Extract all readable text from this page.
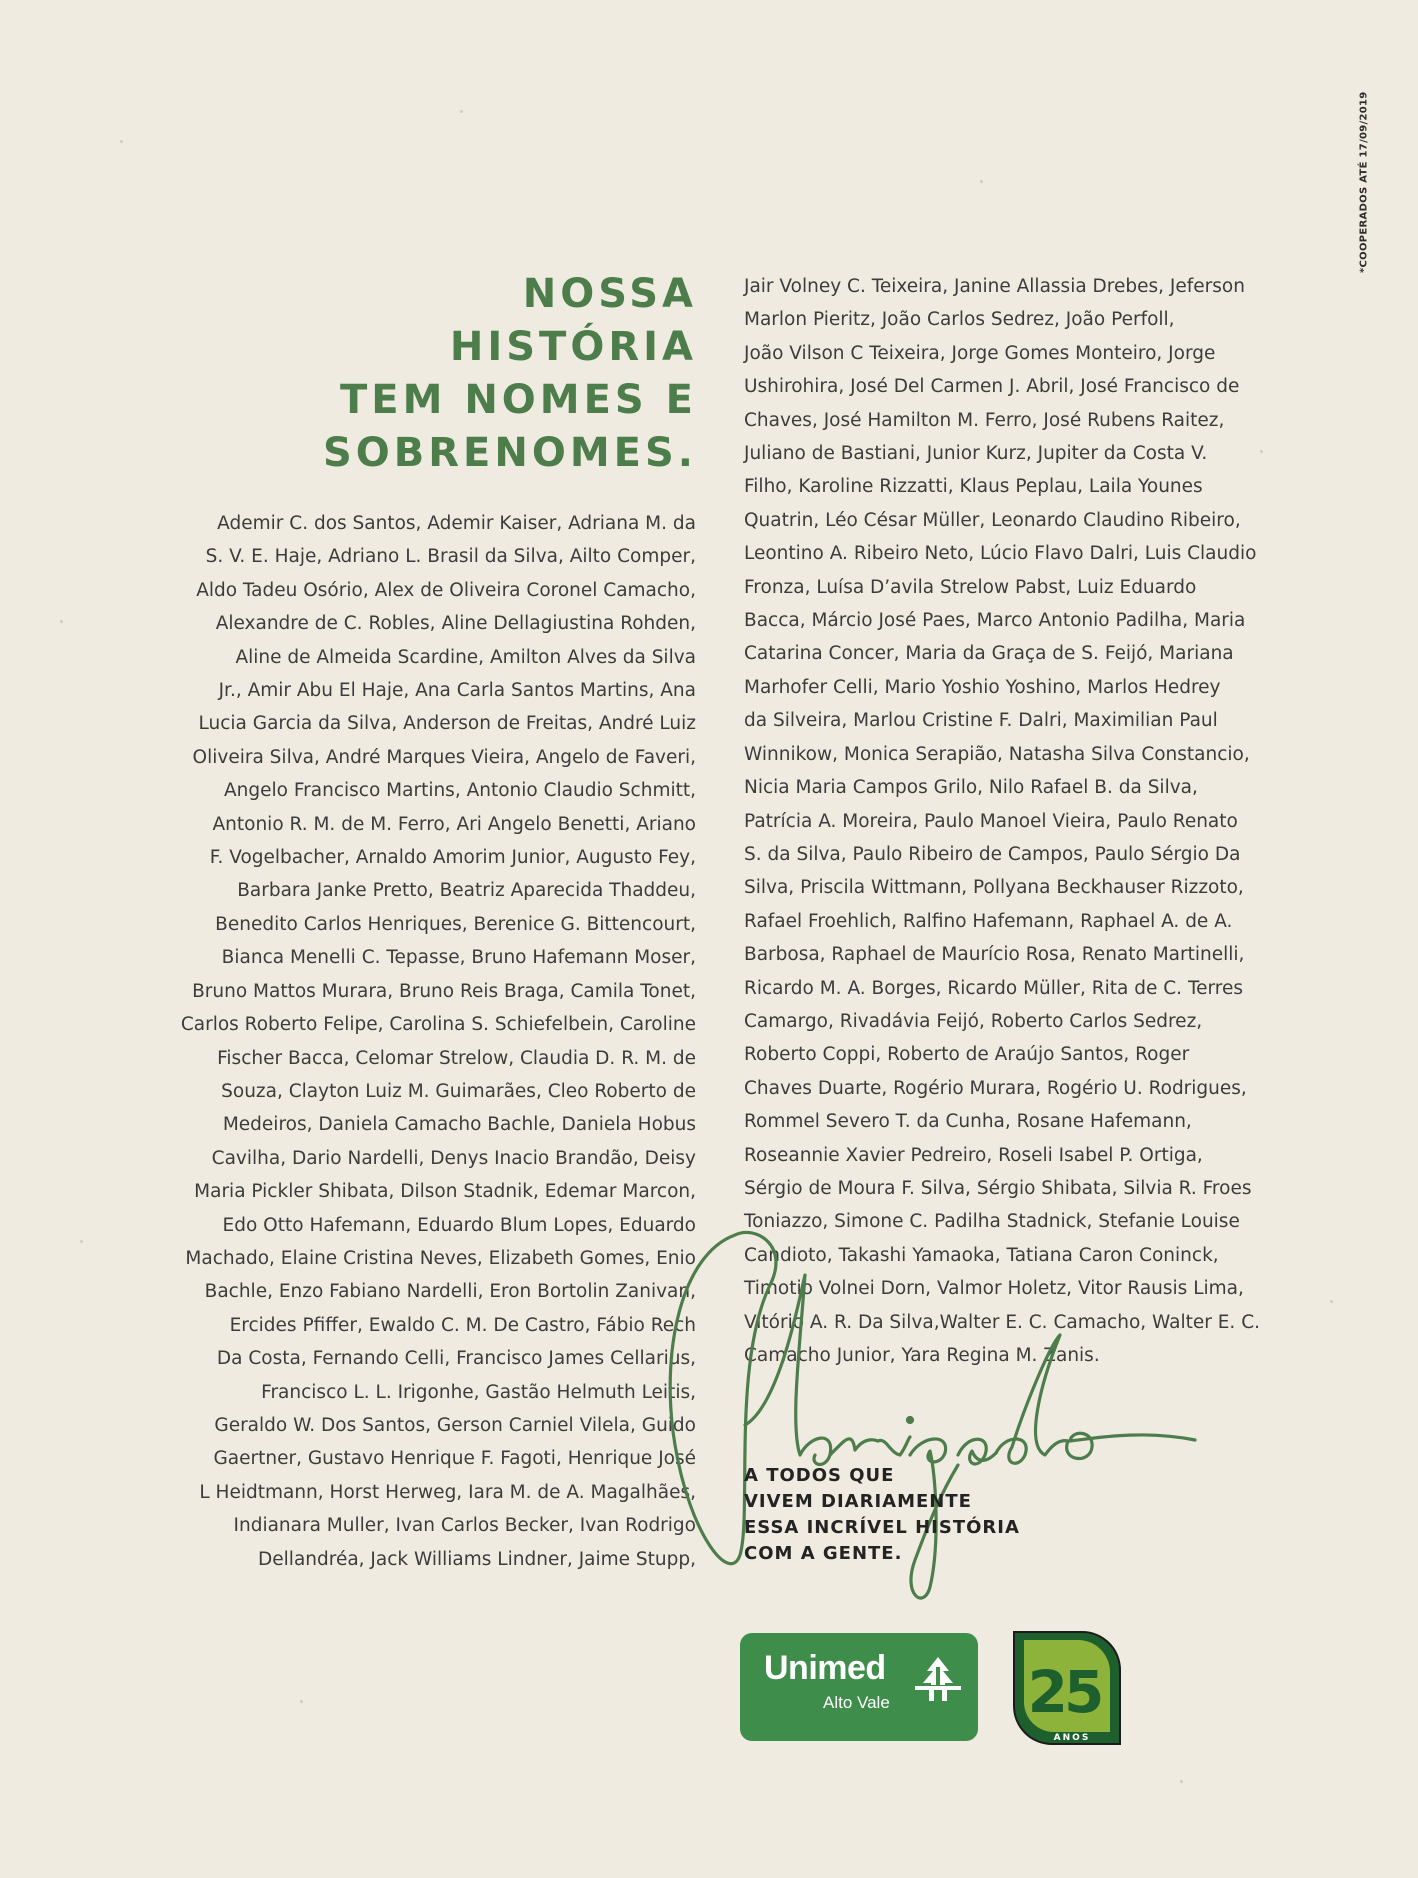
*COOPERADOS ATÉ 17/09/2019
NOSSA
HISTÓRIA
TEM NOMES E
SOBRENOMES.
Ademir C. dos Santos, Ademir Kaiser, Adriana M. da
S. V. E. Haje, Adriano L. Brasil da Silva, Ailto Comper,
Aldo Tadeu Osório, Alex de Oliveira Coronel Camacho,
Alexandre de C. Robles, Aline Dellagiustina Rohden,
Aline de Almeida Scardine, Amilton Alves da Silva
Jr., Amir Abu El Haje, Ana Carla Santos Martins, Ana
Lucia Garcia da Silva, Anderson de Freitas, André Luiz
Oliveira Silva, André Marques Vieira, Angelo de Faveri,
Angelo Francisco Martins, Antonio Claudio Schmitt,
Antonio R. M. de M. Ferro, Ari Angelo Benetti, Ariano
F. Vogelbacher, Arnaldo Amorim Junior, Augusto Fey,
Barbara Janke Pretto, Beatriz Aparecida Thaddeu,
Benedito Carlos Henriques, Berenice G. Bittencourt,
Bianca Menelli C. Tepasse, Bruno Hafemann Moser,
Bruno Mattos Murara, Bruno Reis Braga, Camila Tonet,
Carlos Roberto Felipe, Carolina S. Schiefelbein, Caroline
Fischer Bacca, Celomar Strelow, Claudia D. R. M. de
Souza, Clayton Luiz M. Guimarães, Cleo Roberto de
Medeiros, Daniela Camacho Bachle, Daniela Hobus
Cavilha, Dario Nardelli, Denys Inacio Brandão, Deisy
Maria Pickler Shibata, Dilson Stadnik, Edemar Marcon,
Edo Otto Hafemann, Eduardo Blum Lopes, Eduardo
Machado, Elaine Cristina Neves, Elizabeth Gomes, Enio
Bachle, Enzo Fabiano Nardelli, Eron Bortolin Zanivan,
Ercides Pfiffer, Ewaldo C. M. De Castro, Fábio Rech
Da Costa, Fernando Celli, Francisco James Cellarius,
Francisco L. L. Irigonhe, Gastão Helmuth Leitis,
Geraldo W. Dos Santos, Gerson Carniel Vilela, Guido
Gaertner, Gustavo Henrique F. Fagoti, Henrique José
L Heidtmann, Horst Herweg, Iara M. de A. Magalhães,
Indianara Muller, Ivan Carlos Becker, Ivan Rodrigo
Dellandréa, Jack Williams Lindner, Jaime Stupp,
Jair Volney C. Teixeira, Janine Allassia Drebes, Jeferson
Marlon Pieritz, João Carlos Sedrez, João Perfoll,
João Vilson C Teixeira, Jorge Gomes Monteiro, Jorge
Ushirohira, José Del Carmen J. Abril, José Francisco de
Chaves, José Hamilton M. Ferro, José Rubens Raitez,
Juliano de Bastiani, Junior Kurz, Jupiter da Costa V.
Filho, Karoline Rizzatti, Klaus Peplau, Laila Younes
Quatrin, Léo César Müller, Leonardo Claudino Ribeiro,
Leontino A. Ribeiro Neto, Lúcio Flavo Dalri, Luis Claudio
Fronza, Luísa D’avila Strelow Pabst, Luiz Eduardo
Bacca, Márcio José Paes, Marco Antonio Padilha, Maria
Catarina Concer, Maria da Graça de S. Feijó, Mariana
Marhofer Celli, Mario Yoshio Yoshino, Marlos Hedrey
da Silveira, Marlou Cristine F. Dalri, Maximilian Paul
Winnikow, Monica Serapião, Natasha Silva Constancio,
Nicia Maria Campos Grilo, Nilo Rafael B. da Silva,
Patrícia A. Moreira, Paulo Manoel Vieira, Paulo Renato
S. da Silva, Paulo Ribeiro de Campos, Paulo Sérgio Da
Silva, Priscila Wittmann, Pollyana Beckhauser Rizzoto,
Rafael Froehlich, Ralfino Hafemann, Raphael A. de A.
Barbosa, Raphael de Maurício Rosa, Renato Martinelli,
Ricardo M. A. Borges, Ricardo Müller, Rita de C. Terres
Camargo, Rivadávia Feijó, Roberto Carlos Sedrez,
Roberto Coppi, Roberto de Araújo Santos, Roger
Chaves Duarte, Rogério Murara, Rogério U. Rodrigues,
Rommel Severo T. da Cunha, Rosane Hafemann,
Roseannie Xavier Pedreiro, Roseli Isabel P. Ortiga,
Sérgio de Moura F. Silva, Sérgio Shibata, Silvia R. Froes
Toniazzo, Simone C. Padilha Stadnick, Stefanie Louise
Candioto, Takashi Yamaoka, Tatiana Caron Coninck,
Timotio Volnei Dorn, Valmor Holetz, Vitor Rausis Lima,
Vitório A. R. Da Silva,Walter E. C. Camacho, Walter E. C.
Camacho Junior, Yara Regina M. Zanis.
A TODOS QUE
VIVEM DIARIAMENTE
ESSA INCRÍVEL HISTÓRIA
COM A GENTE.
Unimed
Alto Vale 25
ANOS
